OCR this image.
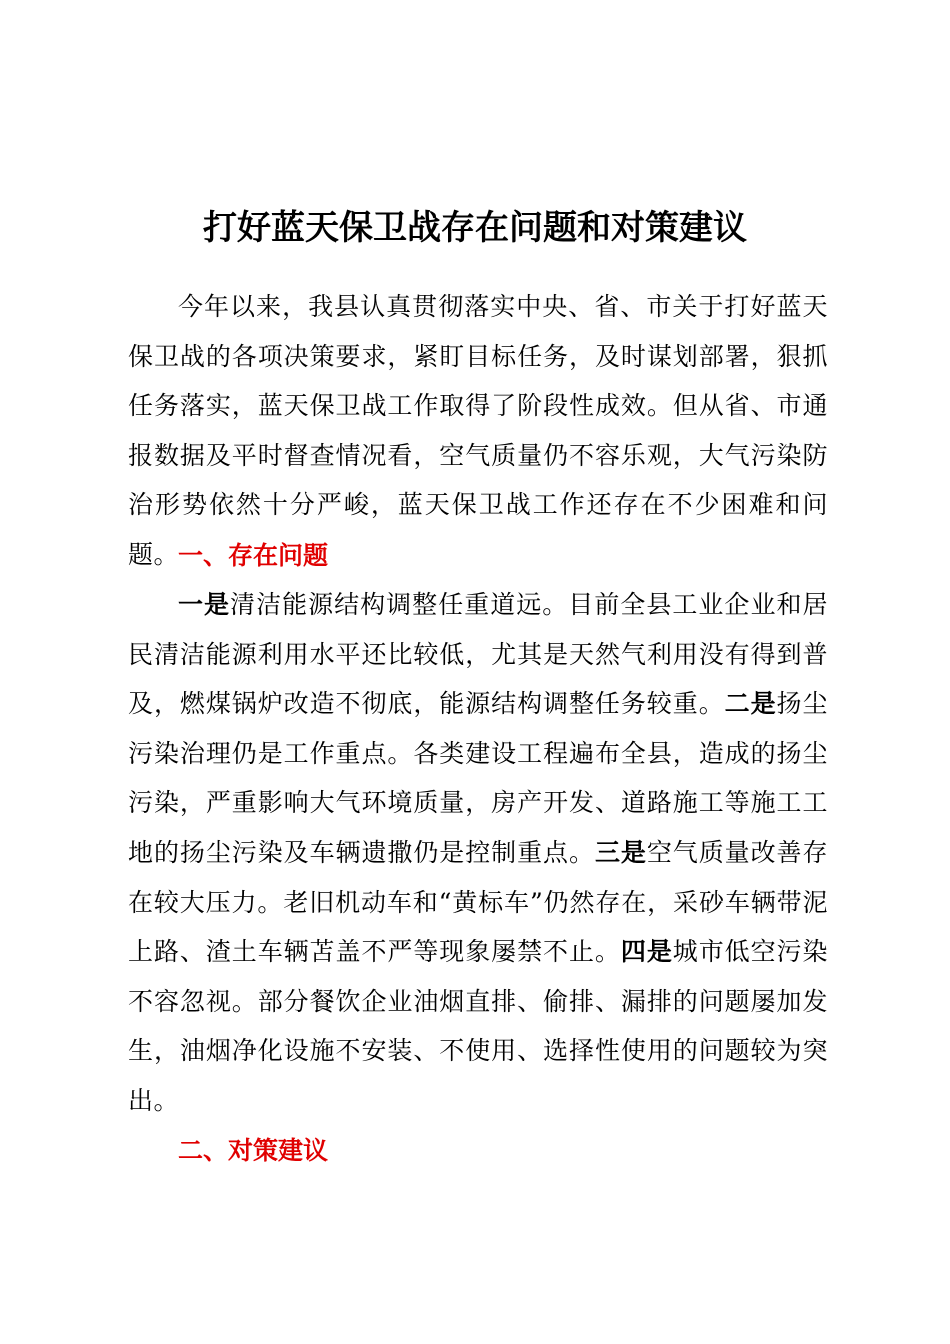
打好蓝天保卫战存在问题和对策建议

今年以来，我县认真贯彻落实中央、省、市关于打好蓝天保卫战的各项决策要求，紧盯目标任务，及时谋划部署，狠抓任务落实，蓝天保卫战工作取得了阶段性成效。但从省、市通报数据及平时督查情况看，空气质量仍不容乐观，大气污染防治形势依然十分严峻，蓝天保卫战工作还存在不少困难和问题。

一、存在问题

一是清洁能源结构调整任重道远。目前全县工业企业和居民清洁能源利用水平还比较低，尤其是天然气利用没有得到普及，燃煤锅炉改造不彻底，能源结构调整任务较重。二是扬尘污染治理仍是工作重点。各类建设工程遍布全县，造成的扬尘污染，严重影响大气环境质量，房产开发、道路施工等施工工地的扬尘污染及车辆遗撒仍是控制重点。三是空气质量改善存在较大压力。老旧机动车和“黄标车”仍然存在，采砂车辆带泥上路、渣土车辆苫盖不严等现象屡禁不止。四是城市低空污染不容忽视。部分餐饮企业油烟直排、偷排、漏排的问题屡加发生，油烟净化设施不安装、不使用、选择性使用的问题较为突出。

二、对策建议
